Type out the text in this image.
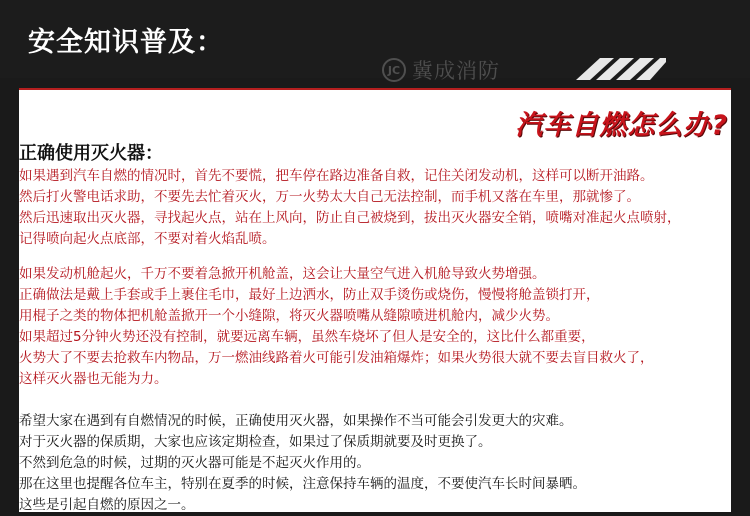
安全知识普及：
JC 冀成消防
汽车自燃怎么办?
正确使用灭火器：
如果遇到汽车自燃的情况时，首先不要慌，把车停在路边准备自救，记住关闭发动机，这样可以断开油路。
然后打火警电话求助，不要先去忙着灭火，万一火势太大自己无法控制，而手机又落在车里，那就惨了。
然后迅速取出灭火器，寻找起火点，站在上风向，防止自己被烧到，拔出灭火器安全销，喷嘴对准起火点喷射，
记得喷向起火点底部，不要对着火焰乱喷。
如果发动机舱起火，千万不要着急掀开机舱盖，这会让大量空气进入机舱导致火势增强。
正确做法是戴上手套或手上裹住毛巾，最好上边洒水，防止双手烫伤或烧伤，慢慢将舱盖锁打开，
用棍子之类的物体把机舱盖掀开一个小缝隙，将灭火器喷嘴从缝隙喷进机舱内，减少火势。
如果超过5分钟火势还没有控制，就要远离车辆，虽然车烧坏了但人是安全的，这比什么都重要，
火势大了不要去抢救车内物品，万一燃油线路着火可能引发油箱爆炸；如果火势很大就不要去盲目救火了，
这样灭火器也无能为力。
希望大家在遇到有自燃情况的时候，正确使用灭火器，如果操作不当可能会引发更大的灾难。
对于灭火器的保质期，大家也应该定期检查，如果过了保质期就要及时更换了。
不然到危急的时候，过期的灭火器可能是不起灭火作用的。
那在这里也提醒各位车主，特别在夏季的时候，注意保持车辆的温度，不要使汽车长时间暴晒。
这些是引起自燃的原因之一。
